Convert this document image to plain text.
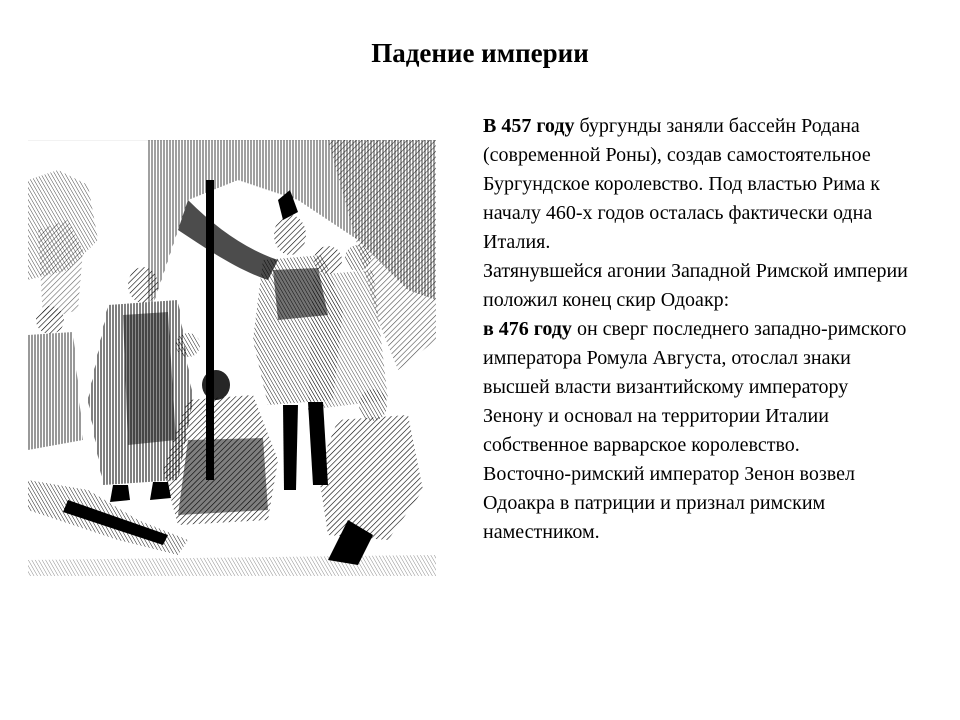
Падение империи

В 457 году бургунды заняли бассейн Родана (современной Роны), создав самостоятельное Бургундское королевство. Под властью Рима к началу 460-х годов осталась фактически одна Италия.

Затянувшейся агонии Западной Римской империи положил конец скир Одоакр:

в 476 году он сверг последнего западно-римского императора Ромула Августа, отослал знаки высшей власти византийскому императору Зенону и основал на территории Италии собственное варварское королевство.

Восточно-римский император Зенон возвел Одоакра в патриции и признал римским наместником.
